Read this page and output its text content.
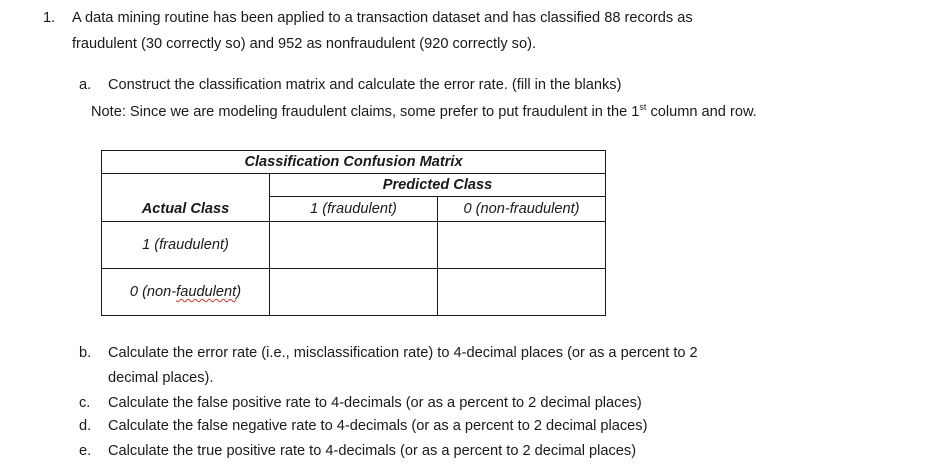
1. A data mining routine has been applied to a transaction dataset and has classified 88 records as
fraudulent (30 correctly so) and 952 as nonfraudulent (920 correctly so).
a. Construct the classification matrix and calculate the error rate. (fill in the blanks)
Note: Since we are modeling fraudulent claims, some prefer to put fraudulent in the 1st column and row.
Classification Confusion Matrix		
	Predicted Class	
Actual Class	1 (fraudulent)	0 (non-fraudulent)
1 (fraudulent)		
0 (non-faudulent)		
b. Calculate the error rate (i.e., misclassification rate) to 4-decimal places (or as a percent to 2
decimal places).
c. Calculate the false positive rate to 4-decimals (or as a percent to 2 decimal places)
d. Calculate the false negative rate to 4-decimals (or as a percent to 2 decimal places)
e. Calculate the true positive rate to 4-decimals (or as a percent to 2 decimal places)
